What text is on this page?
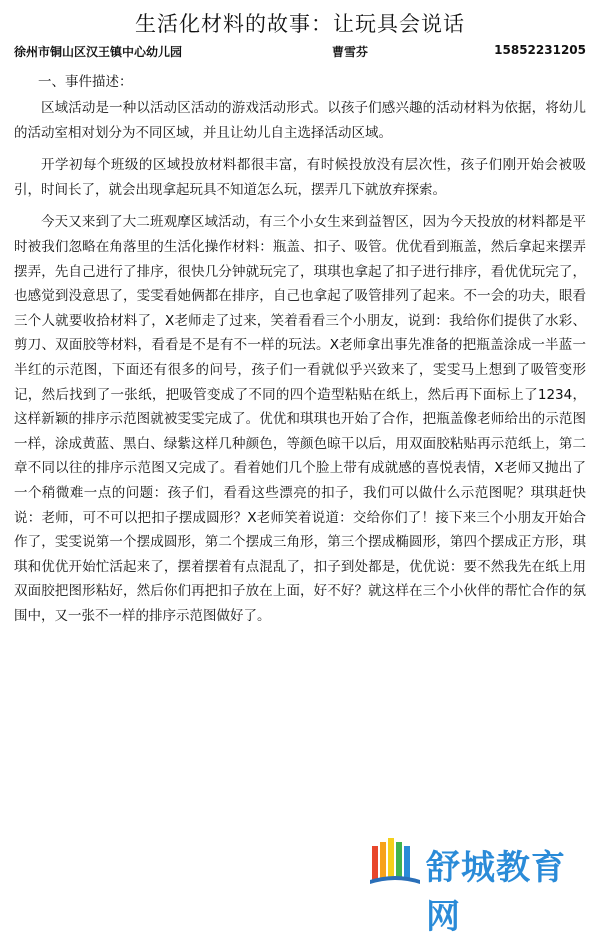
生活化材料的故事：让玩具会说话
徐州市铜山区汉王镇中心幼儿园	曹雪芬	15852231205
一、事件描述：

区域活动是一种以活动区活动的游戏活动形式。以孩子们感兴趣的活动材料为依据，将幼儿的活动室相对划分为不同区域，并且让幼儿自主选择活动区域。

开学初每个班级的区域投放材料都很丰富，有时候投放没有层次性，孩子们刚开始会被吸引，时间长了，就会出现拿起玩具不知道怎么玩，摆弄几下就放弃探索。

今天又来到了大二班观摩区域活动，有三个小女生来到益智区，因为今天投放的材料都是平时被我们忽略在角落里的生活化操作材料：瓶盖、扣子、吸管。优优看到瓶盖，然后拿起来摆弄摆弄，先自己进行了排序，很快几分钟就玩完了，琪琪也拿起了扣子进行排序，看优优玩完了，也感觉到没意思了，雯雯看她俩都在排序，自己也拿起了吸管排列了起来。不一会的功夫，眼看三个人就要收拾材料了，X老师走了过来，笑着看看三个小朋友，说到：我给你们提供了水彩、剪刀、双面胶等材料，看看是不是有不一样的玩法。X老师拿出事先准备的把瓶盖涂成一半蓝一半红的示范图，下面还有很多的问号，孩子们一看就似乎兴致来了，雯雯马上想到了吸管变形记，然后找到了一张纸，把吸管变成了不同的四个造型粘贴在纸上，然后再下面标上了1234，这样新颖的排序示范图就被雯雯完成了。优优和琪琪也开始了合作，把瓶盖像老师给出的示范图一样，涂成黄蓝、黑白、绿紫这样几种颜色，等颜色晾干以后，用双面胶粘贴再示范纸上，第二章不同以往的排序示范图又完成了。看着她们几个脸上带有成就感的喜悦表情，X老师又抛出了一个稍微难一点的问题：孩子们，看看这些漂亮的扣子，我们可以做什么示范图呢？琪琪赶快说：老师，可不可以把扣子摆成圆形？X老师笑着说道：交给你们了！接下来三个小朋友开始合作了，雯雯说第一个摆成圆形，第二个摆成三角形，第三个摆成椭圆形，第四个摆成正方形，琪琪和优优开始忙活起来了，摆着摆着有点混乱了，扣子到处都是，优优说：要不然我先在纸上用双面胶把图形粘好，然后你们再把扣子放在上面，好不好？就这样在三个小伙伴的帮忙合作的氛围中，又一张不一样的排序示范图做好了。

舒城教育网
